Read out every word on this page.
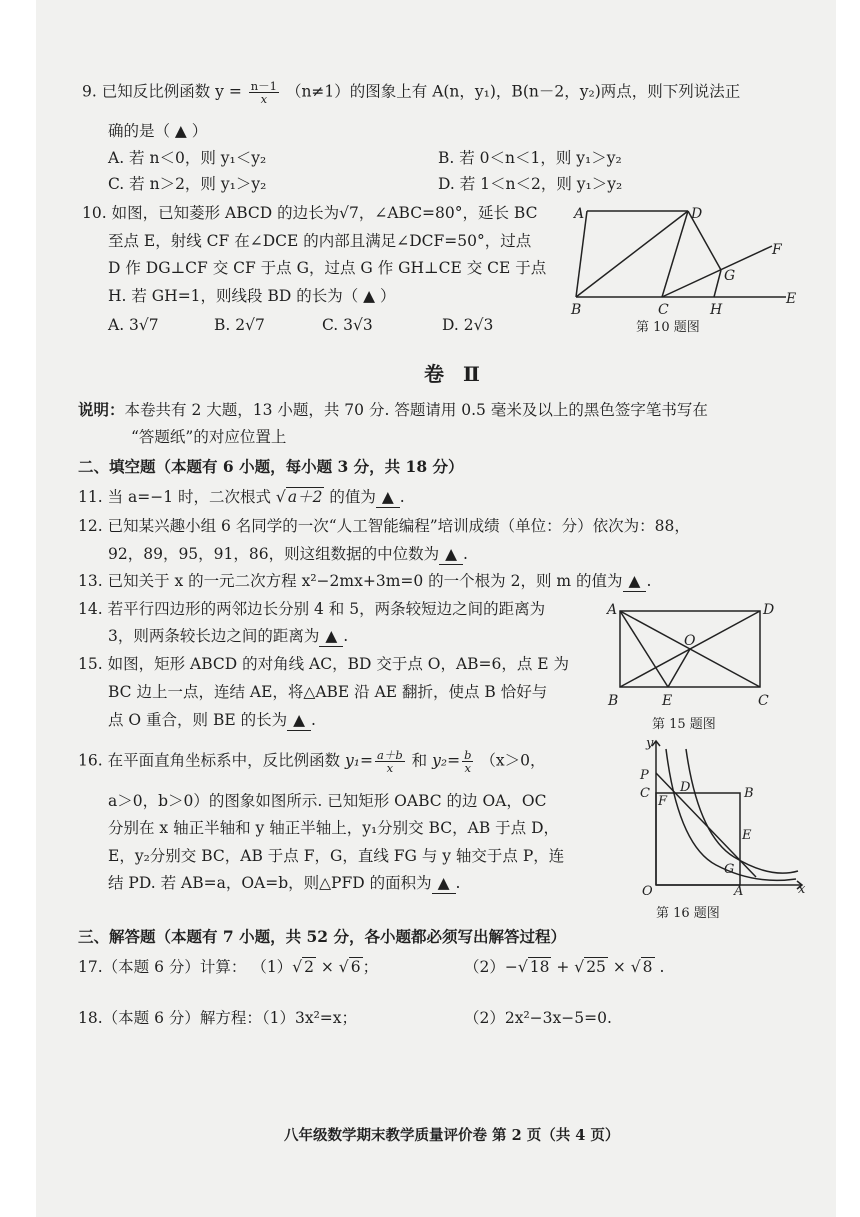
9. 已知反比例函数 $y = \frac{n-1}{x} (n\ne 1)$的图象上有 A(n，y₁)，B(n－2，y₂)两点，则下列说法正
确的是（ ▲ ）
A. 若 n＜0，则 y₁＜y₂	B. 若 0＜n＜1，则 y₁＞y₂
C. 若 n＞2，则 y₁＞y₂	D. 若 1＜n＜2，则 y₁＞y₂
10. 如图，已知菱形 ABCD 的边长为√7，∠ABC=80°，延长 BC
至点 E，射线 CF 在∠DCE 的内部且满足∠DCF=50°，过点
D 作 DG⊥CF 交 CF 于点 G，过点 G 作 GH⊥CE 交 CE 于点
H. 若 GH=1，则线段 BD 的长为（ ▲ ）
A. 3√7	B. 2√7	C. 3√3	D. 2√3
A	D
F
G
B	C	H
E
第 10 题图
卷 Ⅱ
说明：本卷共有 2 大题，13 小题，共 70 分. 答题请用 0.5 毫米及以上的黑色签字笔书写在
“答题纸”的对应位置上
二、填空题（本题有 6 小题，每小题 3 分，共 18 分）
11. 当 a=−1 时，二次根式 √ a＋2 的值为 ▲ .
12. 已知某兴趣小组 6 名同学的一次“人工智能编程”培训成绩（单位：分）依次为：88，
92，89，95，91，86，则这组数据的中位数为 ▲ .
13. 已知关于 x 的一元二次方程 x²−2mx+3m=0 的一个根为 2，则 m 的值为 ▲ .
14. 若平行四边形的两邻边长分别 4 和 5，两条较短边之间的距离为
3，则两条较长边之间的距离为 ▲ .
15. 如图，矩形 ABCD 的对角线 AC，BD 交于点 O，AB=6，点 E 为
BC 边上一点，连结 AE，将△ABE 沿 AE 翻折，使点 B 恰好与
点 O 重合，则 BE 的长为 ▲ .
A	D
O
B	E	C
第 15 题图
16. 在平面直角坐标系中，反比例函数 $y_1= \frac{a+b}{x}$ 和 $y_2= \frac{b}{x} (x>0$，
a＞0，b＞0）的图象如图所示. 已知矩形 OABC 的边 OA，OC
分别在 x 轴正半轴和 y 轴正半轴上，y₁分别交 BC，AB 于点 D，
E，y₂分别交 BC，AB 于点 F，G，直线 FG 与 y 轴交于点 P，连
结 PD. 若 AB=a，OA=b，则△PFD 的面积为 ▲ .
y
P
C
F
D	B
E
G
O	A	x
第 16 题图
三、解答题（本题有 7 小题，共 52 分，各小题都必须写出解答过程）
17.（本题 6 分）计算： （1）√ 2 × √ 6 ；	（2）−√ 18 + √ 25 × √ 8 .
18.（本题 6 分）解方程：（1）3x²=x；	（2）2x²−3x−5=0.
八年级数学期末教学质量评价卷 第 2 页（共 4 页）
